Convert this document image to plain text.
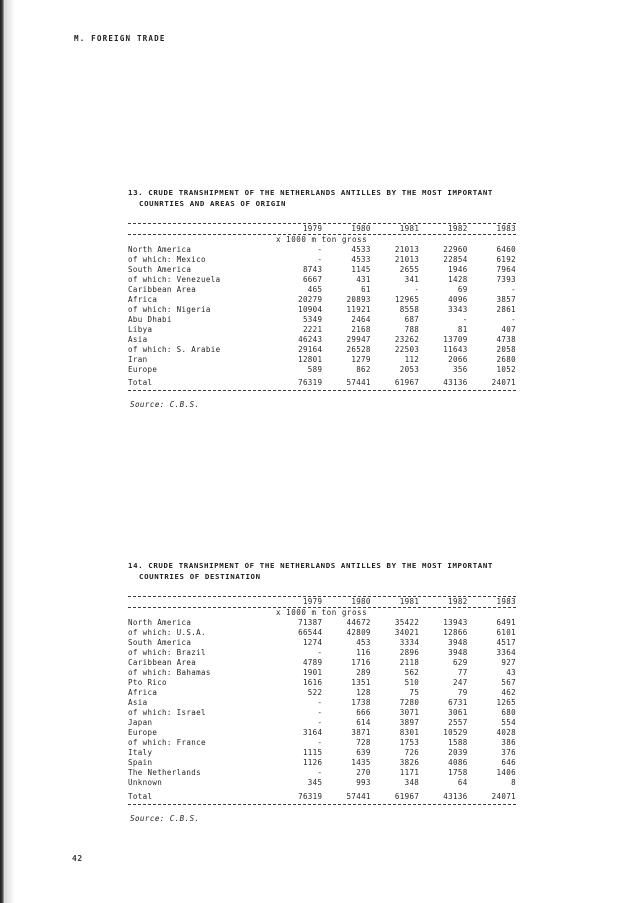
M. FOREIGN TRADE

13. CRUDE TRANSHIPMENT OF THE NETHERLANDS ANTILLES BY THE MOST IMPORTANT

COUNRTIES AND AREAS OF ORIGIN

	1979	1980	1981	1982	1983
x 1000 m ton gross					
North America	-	4533	21013	22960	6460
of which: Mexico	-	4533	21013	22854	6192
South America	8743	1145	2655	1946	7964
of which: Venezuela	6667	431	341	1428	7393
Caribbean Area	465	61	-	69	-
Africa	20279	20893	12965	4096	3857
of which: Nigeria	10904	11921	8558	3343	2861
Abu Dhabi	5349	2464	687	-	-
Libya	2221	2168	788	81	407
Asia	46243	29947	23262	13709	4738
of which: S. Arabie	29164	26528	22503	11643	2058
Iran	12801	1279	112	2066	2680
Europe	589	862	2053	356	1052

Total	76319	57441	61967	43136	24071

Source: C.B.S.

14. CRUDE TRANSHIPMENT OF THE NETHERLANDS ANTILLES BY THE MOST IMPORTANT

COUNTRIES OF DESTINATION

	1979	1980	1981	1982	1983
x 1000 m ton gross					
North America	71387	44672	35422	13943	6491
of which: U.S.A.	66544	42809	34021	12866	6101
South America	1274	453	3334	3948	4517
of which: Brazil	-	116	2896	3948	3364
Caribbean Area	4789	1716	2118	629	927
of which: Bahamas	1901	289	562	77	43
Pto Rico	1616	1351	510	247	567
Africa	522	128	75	79	462
Asia	-	1738	7280	6731	1265
of which: Israel	-	666	3071	3061	680
Japan	-	614	3897	2557	554
Europe	3164	3871	8301	10529	4028
of which: France	-	728	1753	1588	386
Italy	1115	639	726	2039	376
Spain	1126	1435	3826	4086	646
The Netherlands	-	270	1171	1758	1406
Unknown	345	993	348	64	8

Total	76319	57441	61967	43136	24071

Source: C.B.S.
42
